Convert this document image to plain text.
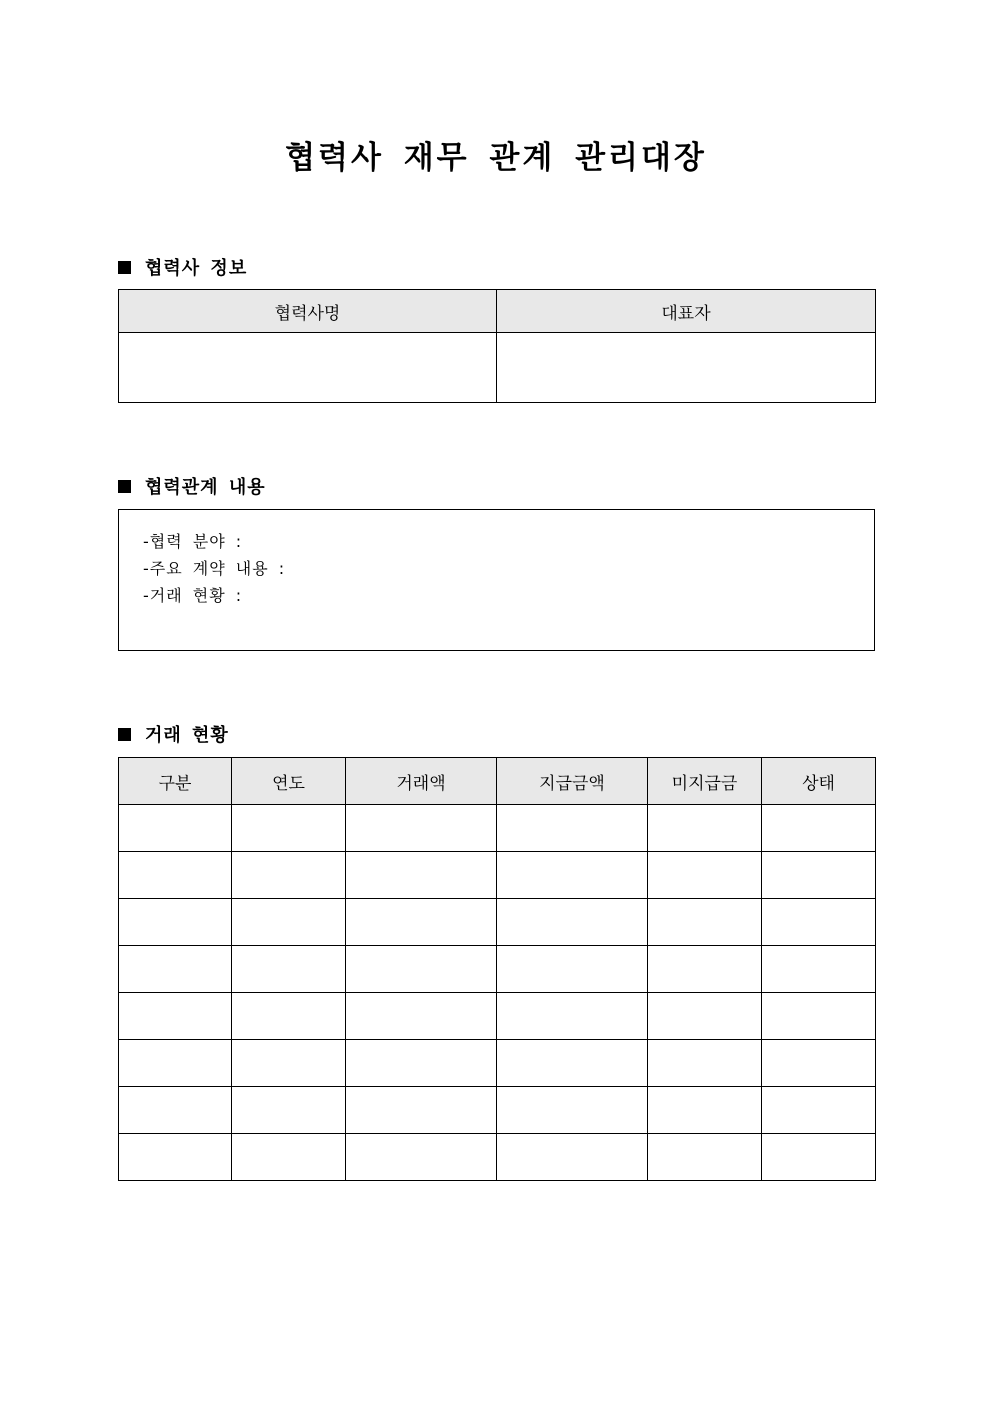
협력사 재무 관계 관리대장
협력사 정보
협력사명	대표자

협력관계 내용
-협력 분야 :
-주요 계약 내용 :
-거래 현황 :
거래 현황
구분	연도	거래액	지급금액	미지급금	상태
